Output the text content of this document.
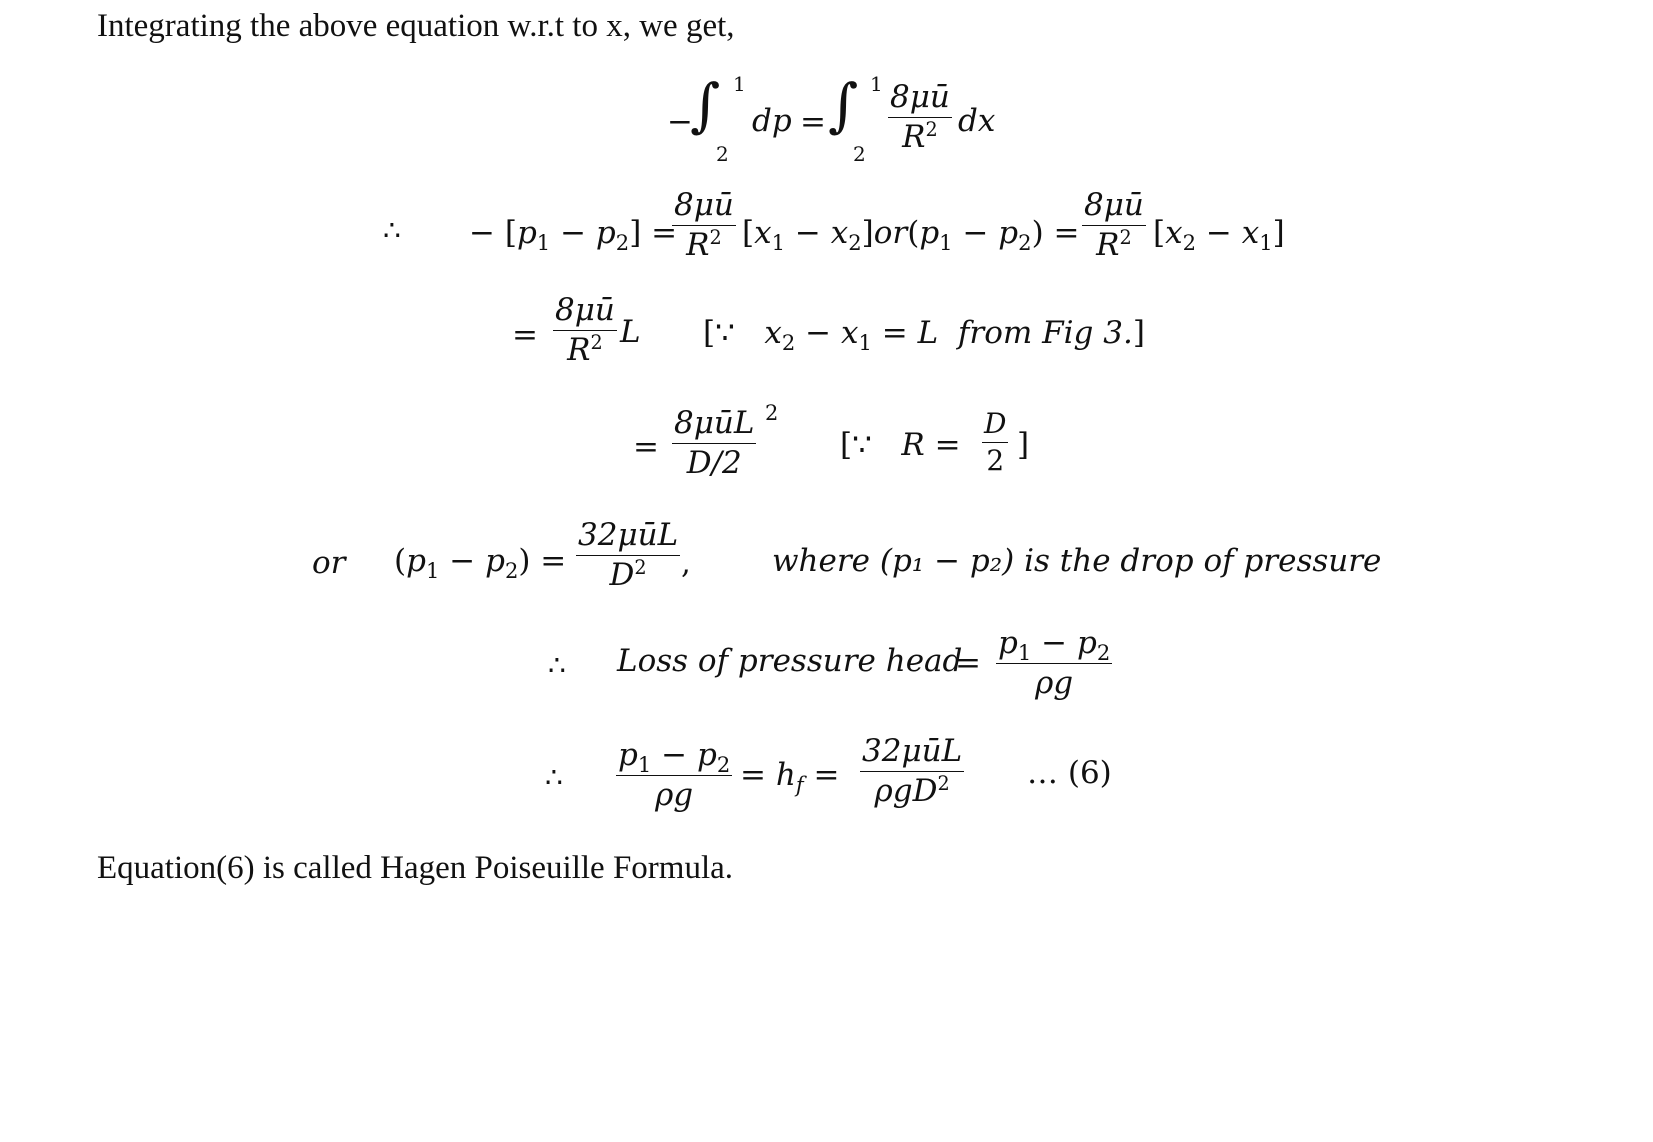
Integrating the above equation w.r.t to x, we get,
−
∫ 1
2
dp = ∫ 1
2
$\frac{8\mu ū}{R^2}$ dx
∴ − $[p_1 - p_2]$ =
$\frac{8\mu ū}{R^2} [x_1 - x_2]or(p_1 - p_2) = \frac{8\mu ū}{R^2} [x_2 - x_1]$
= $\frac{8\mu ū}{R^2}$ L [∵ $x_2 - x_1 = L$ from Fig 3.]
=
8μūL
D/2
2
[∵ $R = \frac{D}{2}$ ]
or $(p_1 - p_2)$ =
32μūL
$D^2$	,	where (p₁ − p₂) is the drop of pressure
∴ Loss of pressure head
= $\frac{p_1 - p_2}{\rho g}$
∴ $\frac{p_1 - p_2}{\rho g} = h_f$ =
32μūL
ρgD$^2$	… (6)
Equation(6) is called Hagen Poiseuille Formula.
